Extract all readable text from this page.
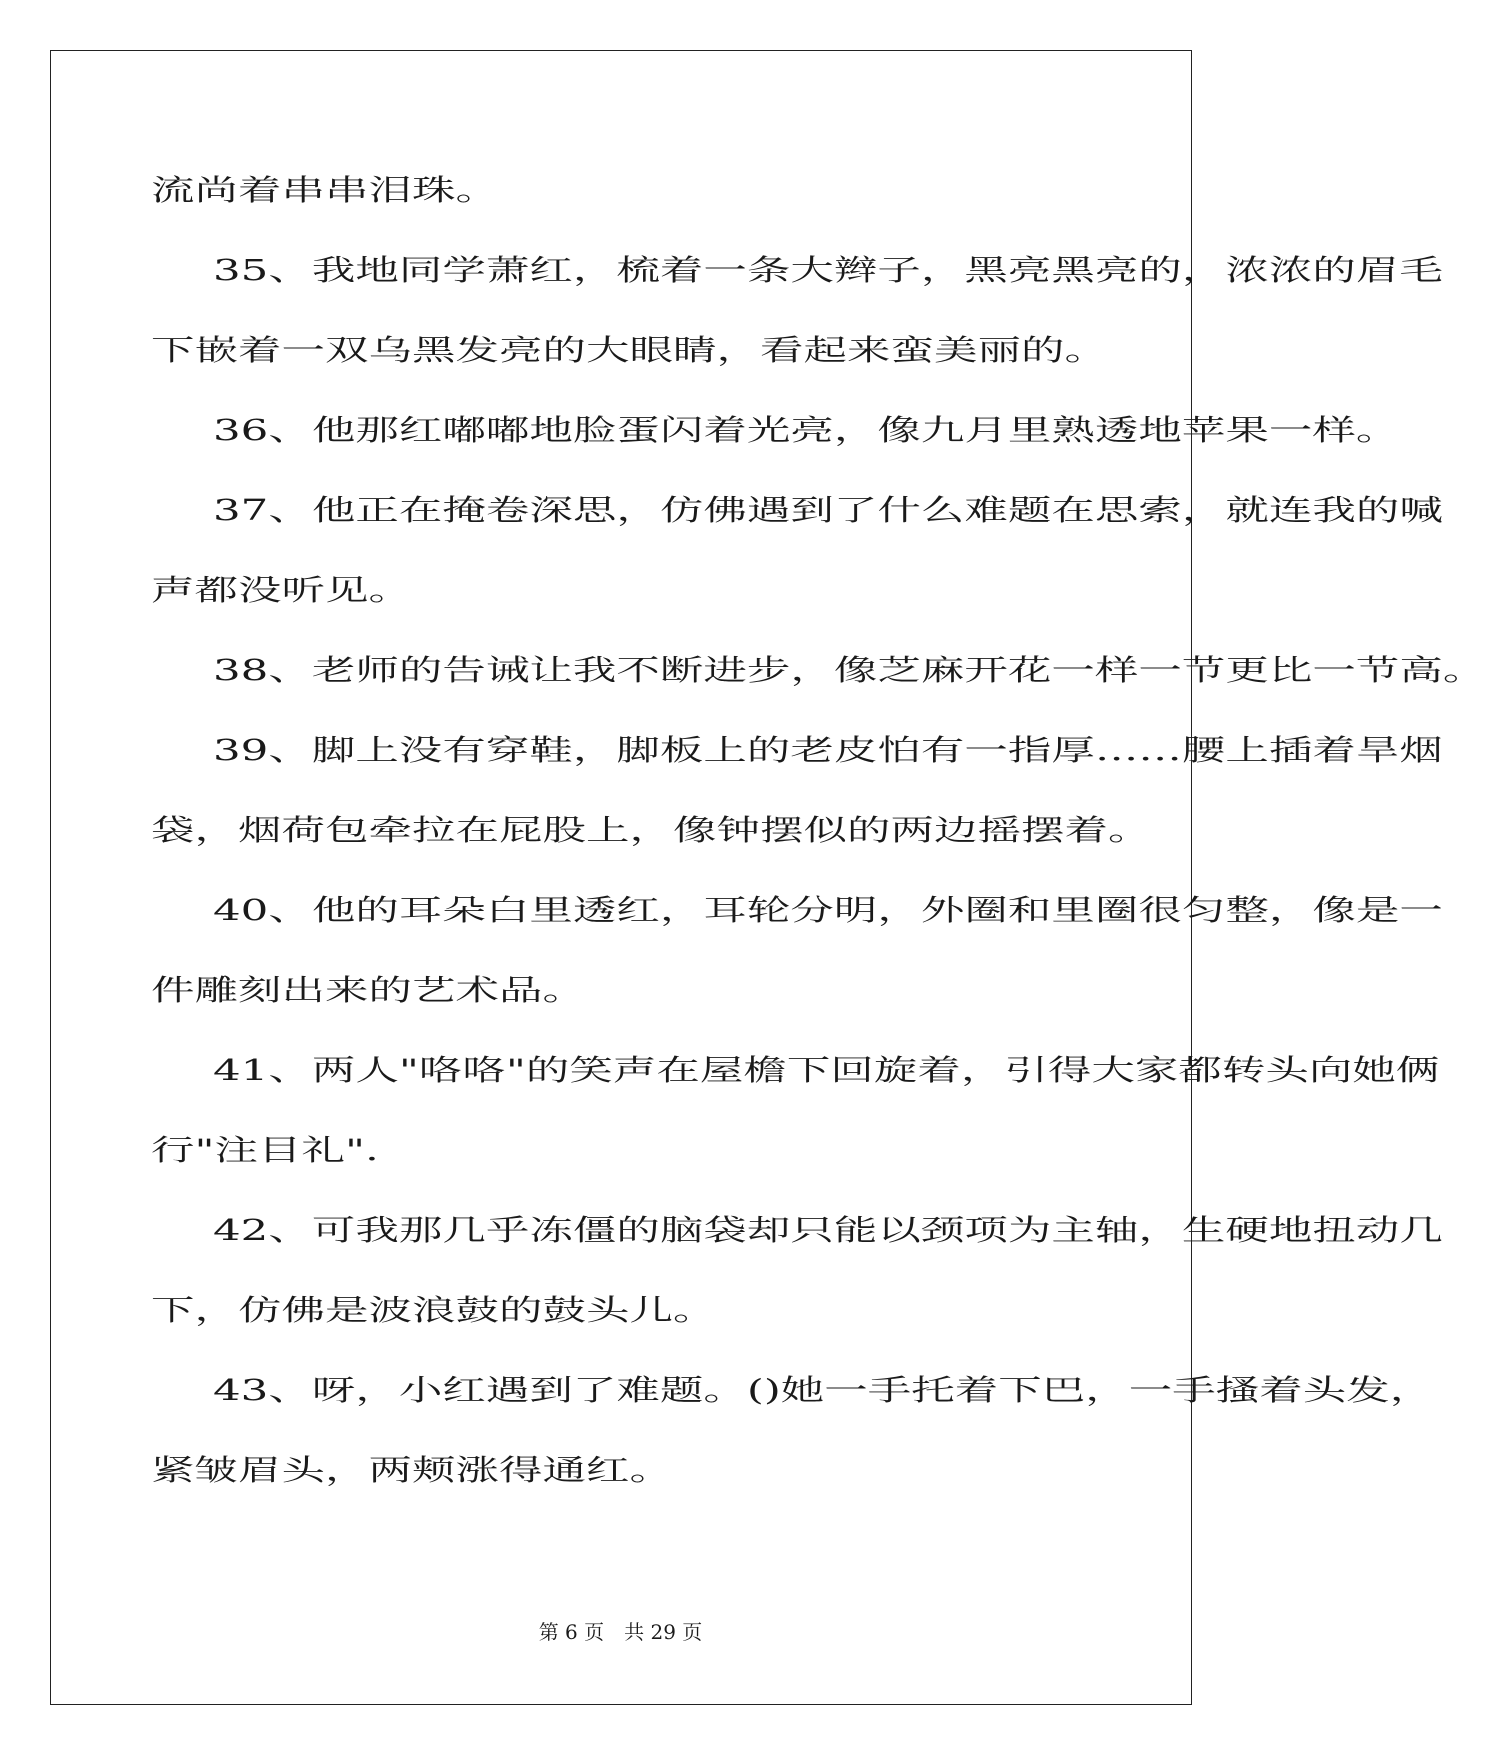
流尚着串串泪珠。

35、我地同学萧红，梳着一条大辫子，黑亮黑亮的，浓浓的眉毛

下嵌着一双乌黑发亮的大眼睛，看起来蛮美丽的。

36、他那红嘟嘟地脸蛋闪着光亮，像九月里熟透地苹果一样。

37、他正在掩卷深思，仿佛遇到了什么难题在思索，就连我的喊

声都没听见。

38、老师的告诫让我不断进步，像芝麻开花一样一节更比一节高。

39、脚上没有穿鞋，脚板上的老皮怕有一指厚……腰上插着旱烟

袋，烟荷包牵拉在屁股上，像钟摆似的两边摇摆着。

40、他的耳朵白里透红，耳轮分明，外圈和里圈很匀整，像是一

件雕刻出来的艺术品。

41、两人"咯咯"的笑声在屋檐下回旋着，引得大家都转头向她俩

行"注目礼".

42、可我那几乎冻僵的脑袋却只能以颈项为主轴，生硬地扭动几

下，仿佛是波浪鼓的鼓头儿。

43、呀，小红遇到了难题。()她一手托着下巴，一手搔着头发，

紧皱眉头，两颊涨得通红。

第 6 页　共 29 页
